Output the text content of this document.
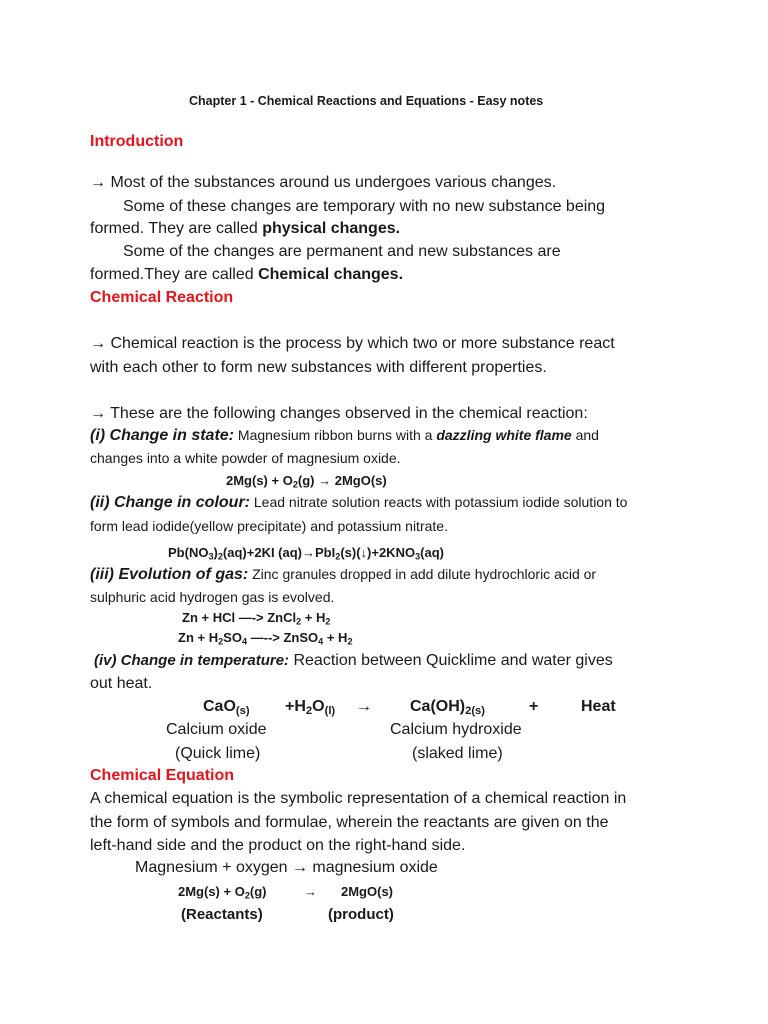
Chapter 1 - Chemical Reactions and Equations - Easy notes
Introduction
→ Most of the substances around us undergoes various changes.
Some of these changes are temporary with no new substance being
formed. They are called physical changes.
Some of the changes are permanent and new substances are
formed.They are called Chemical changes.
Chemical Reaction
→ Chemical reaction is the process by which two or more substance react
with each other to form new substances with different properties.
→ These are the following changes observed in the chemical reaction:
(i) Change in state: Magnesium ribbon burns with a dazzling white flame and
changes into a white powder of magnesium oxide.
$2Mg(s) + O_2(g) \to 2MgO(s)$
(ii) Change in colour: Lead nitrate solution reacts with potassium iodide solution to
form lead iodide(yellow precipitate) and potassium nitrate.
$Pb(NO_3)_2(aq)+2KI$ $(aq)\to PbI_2(s)(↓)+2KNO_3(aq)$
(iii) Evolution of gas: Zinc granules dropped in add dilute hydrochloric acid or
sulphuric acid hydrogen gas is evolved.
Zn + HCl —-> ZnCl$_2$ + $H_2$
$Zn + H_2SO_4$ —--> ZnSO$_4$ + $H_2$
(iv) Change in temperature: Reaction between Quicklime and water gives
out heat.
$CaO_{(s)} +H_2O_{(l)} \to Ca(OH)_{2(s)}$	+	Heat
Calcium oxide	Calcium hydroxide
(Quick lime)	(slaked lime)
Chemical Equation
A chemical equation is the symbolic representation of a chemical reaction in
the form of symbols and formulae, wherein the reactants are given on the
left-hand side and the product on the right-hand side.
Magnesium + oxygen → magnesium oxide
$2Mg(s) + O_2(g)$	→ 2MgO(s)
(Reactants)	(product)
